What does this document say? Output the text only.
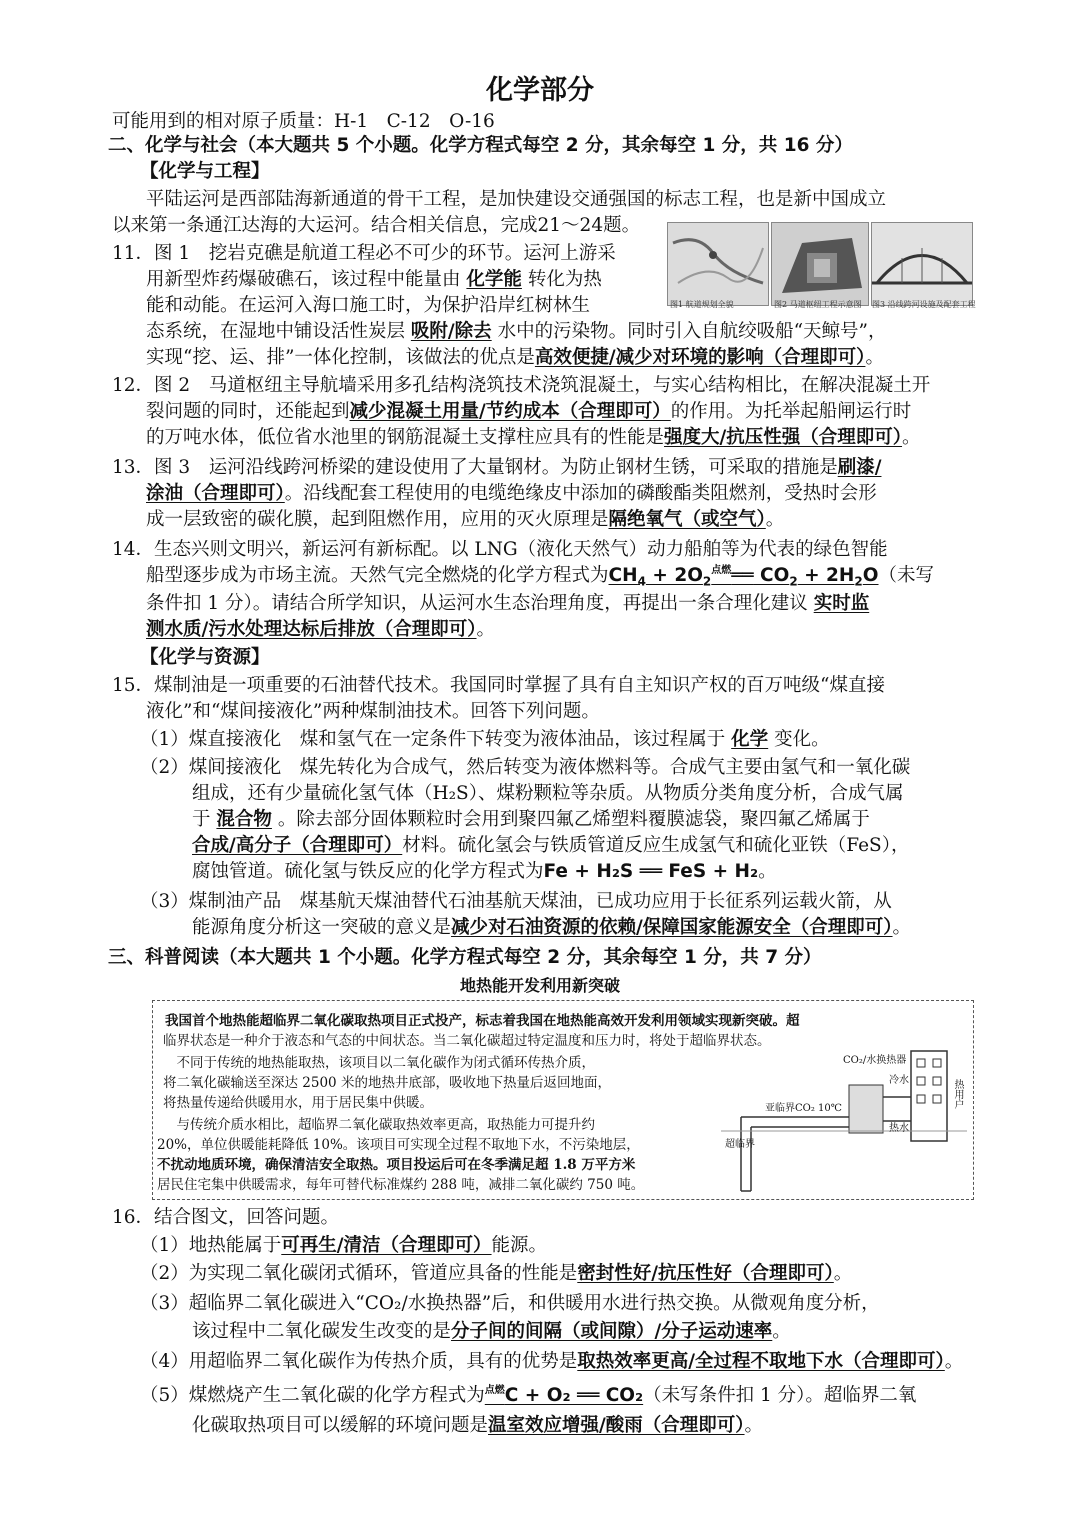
化学部分
可能用到的相对原子质量：H-1　C-12　O-16
二、化学与社会（本大题共 5 个小题。化学方程式每空 2 分，其余每空 1 分，共 16 分）
【化学与工程】
平陆运河是西部陆海新通道的骨干工程，是加快建设交通强国的标志工程，也是新中国成立
以来第一条通江达海的大运河。结合相关信息，完成21～24题。
图1 航道规划全貌	图2 马道枢纽工程示意图 图3 沿线跨河设施及配套工程
11．图 1　挖岩克礁是航道工程必不可少的环节。运河上游采
用新型炸药爆破礁石，该过程中能量由 化学能 转化为热
能和动能。在运河入海口施工时，为保护沿岸红树林生
态系统，在湿地中铺设活性炭层 吸附/除去 水中的污染物。同时引入自航绞吸船“天鲸号”，
实现“挖、运、排”一体化控制，该做法的优点是高效便捷/减少对环境的影响（合理即可）。
12．图 2　马道枢纽主导航墙采用多孔结构浇筑技术浇筑混凝土，与实心结构相比，在解决混凝土开
裂问题的同时，还能起到减少混凝土用量/节约成本（合理即可）的作用。为托举起船闸运行时
的万吨水体，低位省水池里的钢筋混凝土支撑柱应具有的性能是强度大/抗压性强（合理即可）。
13．图 3　运河沿线跨河桥梁的建设使用了大量钢材。为防止钢材生锈，可采取的措施是刷漆/
涂油（合理即可）。沿线配套工程使用的电缆绝缘皮中添加的磷酸酯类阻燃剂，受热时会形
成一层致密的碳化膜，起到阻燃作用，应用的灭火原理是隔绝氧气（或空气）。
14．生态兴则文明兴，新运河有新标配。以 LNG（液化天然气）动力船舶等为代表的绿色智能
船型逐步成为市场主流。天然气完全燃烧的化学方程式为$CH_4$ + $2O_2^{点燃}══$ $CO_2 + 2H_2O$（未写
条件扣 1 分）。请结合所学知识，从运河水生态治理角度，再提出一条合理化建议 实时监
测水质/污水处理达标后排放（合理即可）。
【化学与资源】
15．煤制油是一项重要的石油替代技术。我国同时掌握了具有自主知识产权的百万吨级“煤直接
液化”和“煤间接液化”两种煤制油技术。回答下列问题。
（1）煤直接液化　煤和氢气在一定条件下转变为液体油品，该过程属于 化学 变化。
（2）煤间接液化　煤先转化为合成气，然后转变为液体燃料等。合成气主要由氢气和一氧化碳
组成，还有少量硫化氢气体（H₂S）、煤粉颗粒等杂质。从物质分类角度分析，合成气属
于 混合物 。除去部分固体颗粒时会用到聚四氟乙烯塑料覆膜滤袋，聚四氟乙烯属于
合成/高分子（合理即可）材料。硫化氢会与铁质管道反应生成氢气和硫化亚铁（FeS），
腐蚀管道。硫化氢与铁反应的化学方程式为Fe + H₂S ══ FeS + H₂。
（3）煤制油产品　煤基航天煤油替代石油基航天煤油，已成功应用于长征系列运载火箭，从
能源角度分析这一突破的意义是减少对石油资源的依赖/保障国家能源安全（合理即可）。
三、科普阅读（本大题共 1 个小题。化学方程式每空 2 分，其余每空 1 分，共 7 分）
地热能开发利用新突破
我国首个地热能超临界二氧化碳取热项目正式投产，标志着我国在地热能高效开发利用领域实现新突破。超
临界状态是一种介于液态和气态的中间状态。当二氧化碳超过特定温度和压力时，将处于超临界状态。
　不同于传统的地热能取热，该项目以二氧化碳作为闭式循环传热介质，
将二氧化碳输送至深达 2500 米的地热井底部，吸收地下热量后返回地面，
将热量传递给供暖用水，用于居民集中供暖。
　与传统介质水相比，超临界二氧化碳取热效率更高，取热能力可提升约
20%，单位供暖能耗降低 10%。该项目可实现全过程不取地下水，不污染地层，
不扰动地质环境，确保清洁安全取热。项目投运后可在冬季满足超 1.8 万平方米
居民住宅集中供暖需求，每年可替代标准煤约 288 吨，减排二氧化碳约 750 吨。
CO₂/水换热器
冷水
热水
亚临界CO₂ 10℃
超临界
热用户
16．结合图文，回答问题。
（1）地热能属于可再生/清洁（合理即可）能源。
（2）为实现二氧化碳闭式循环，管道应具备的性能是密封性好/抗压性好（合理即可）。
（3）超临界二氧化碳进入“CO₂/水换热器”后，和供暖用水进行热交换。从微观角度分析，
该过程中二氧化碳发生改变的是分子间的间隔（或间隙）/分子运动速率。
（4）用超临界二氧化碳作为传热介质，具有的优势是取热效率更高/全过程不取地下水（合理即可）。
（5）煤燃烧产生二氧化碳的化学方程式为$^{点燃}$C + O₂ ══ CO₂（未写条件扣 1 分）。超临界二氧
化碳取热项目可以缓解的环境问题是温室效应增强/酸雨（合理即可）。
